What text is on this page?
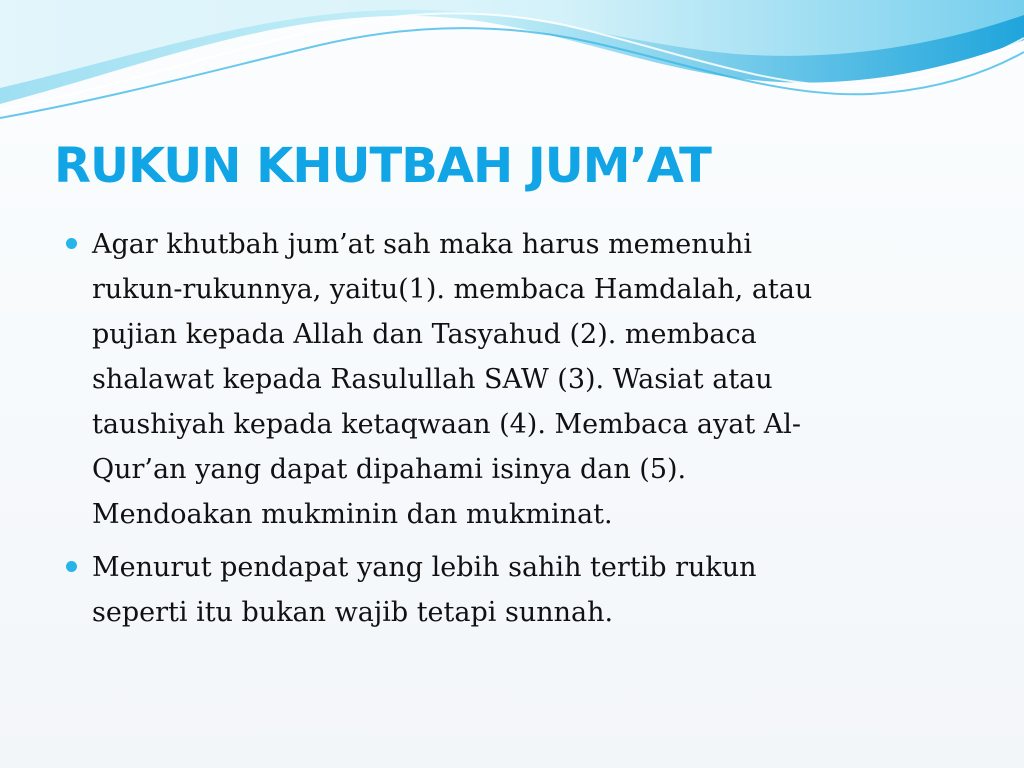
RUKUN KHUTBAH JUM’AT
Agar khutbah jum’at sah maka harus memenuhi
rukun-rukunnya, yaitu(1). membaca Hamdalah, atau
pujian kepada Allah dan Tasyahud (2). membaca
shalawat kepada Rasulullah SAW (3). Wasiat atau
taushiyah kepada ketaqwaan (4). Membaca ayat Al-
Qur’an yang dapat dipahami isinya dan (5).
Mendoakan mukminin dan mukminat.
Menurut pendapat yang lebih sahih tertib rukun
seperti itu bukan wajib tetapi sunnah.
